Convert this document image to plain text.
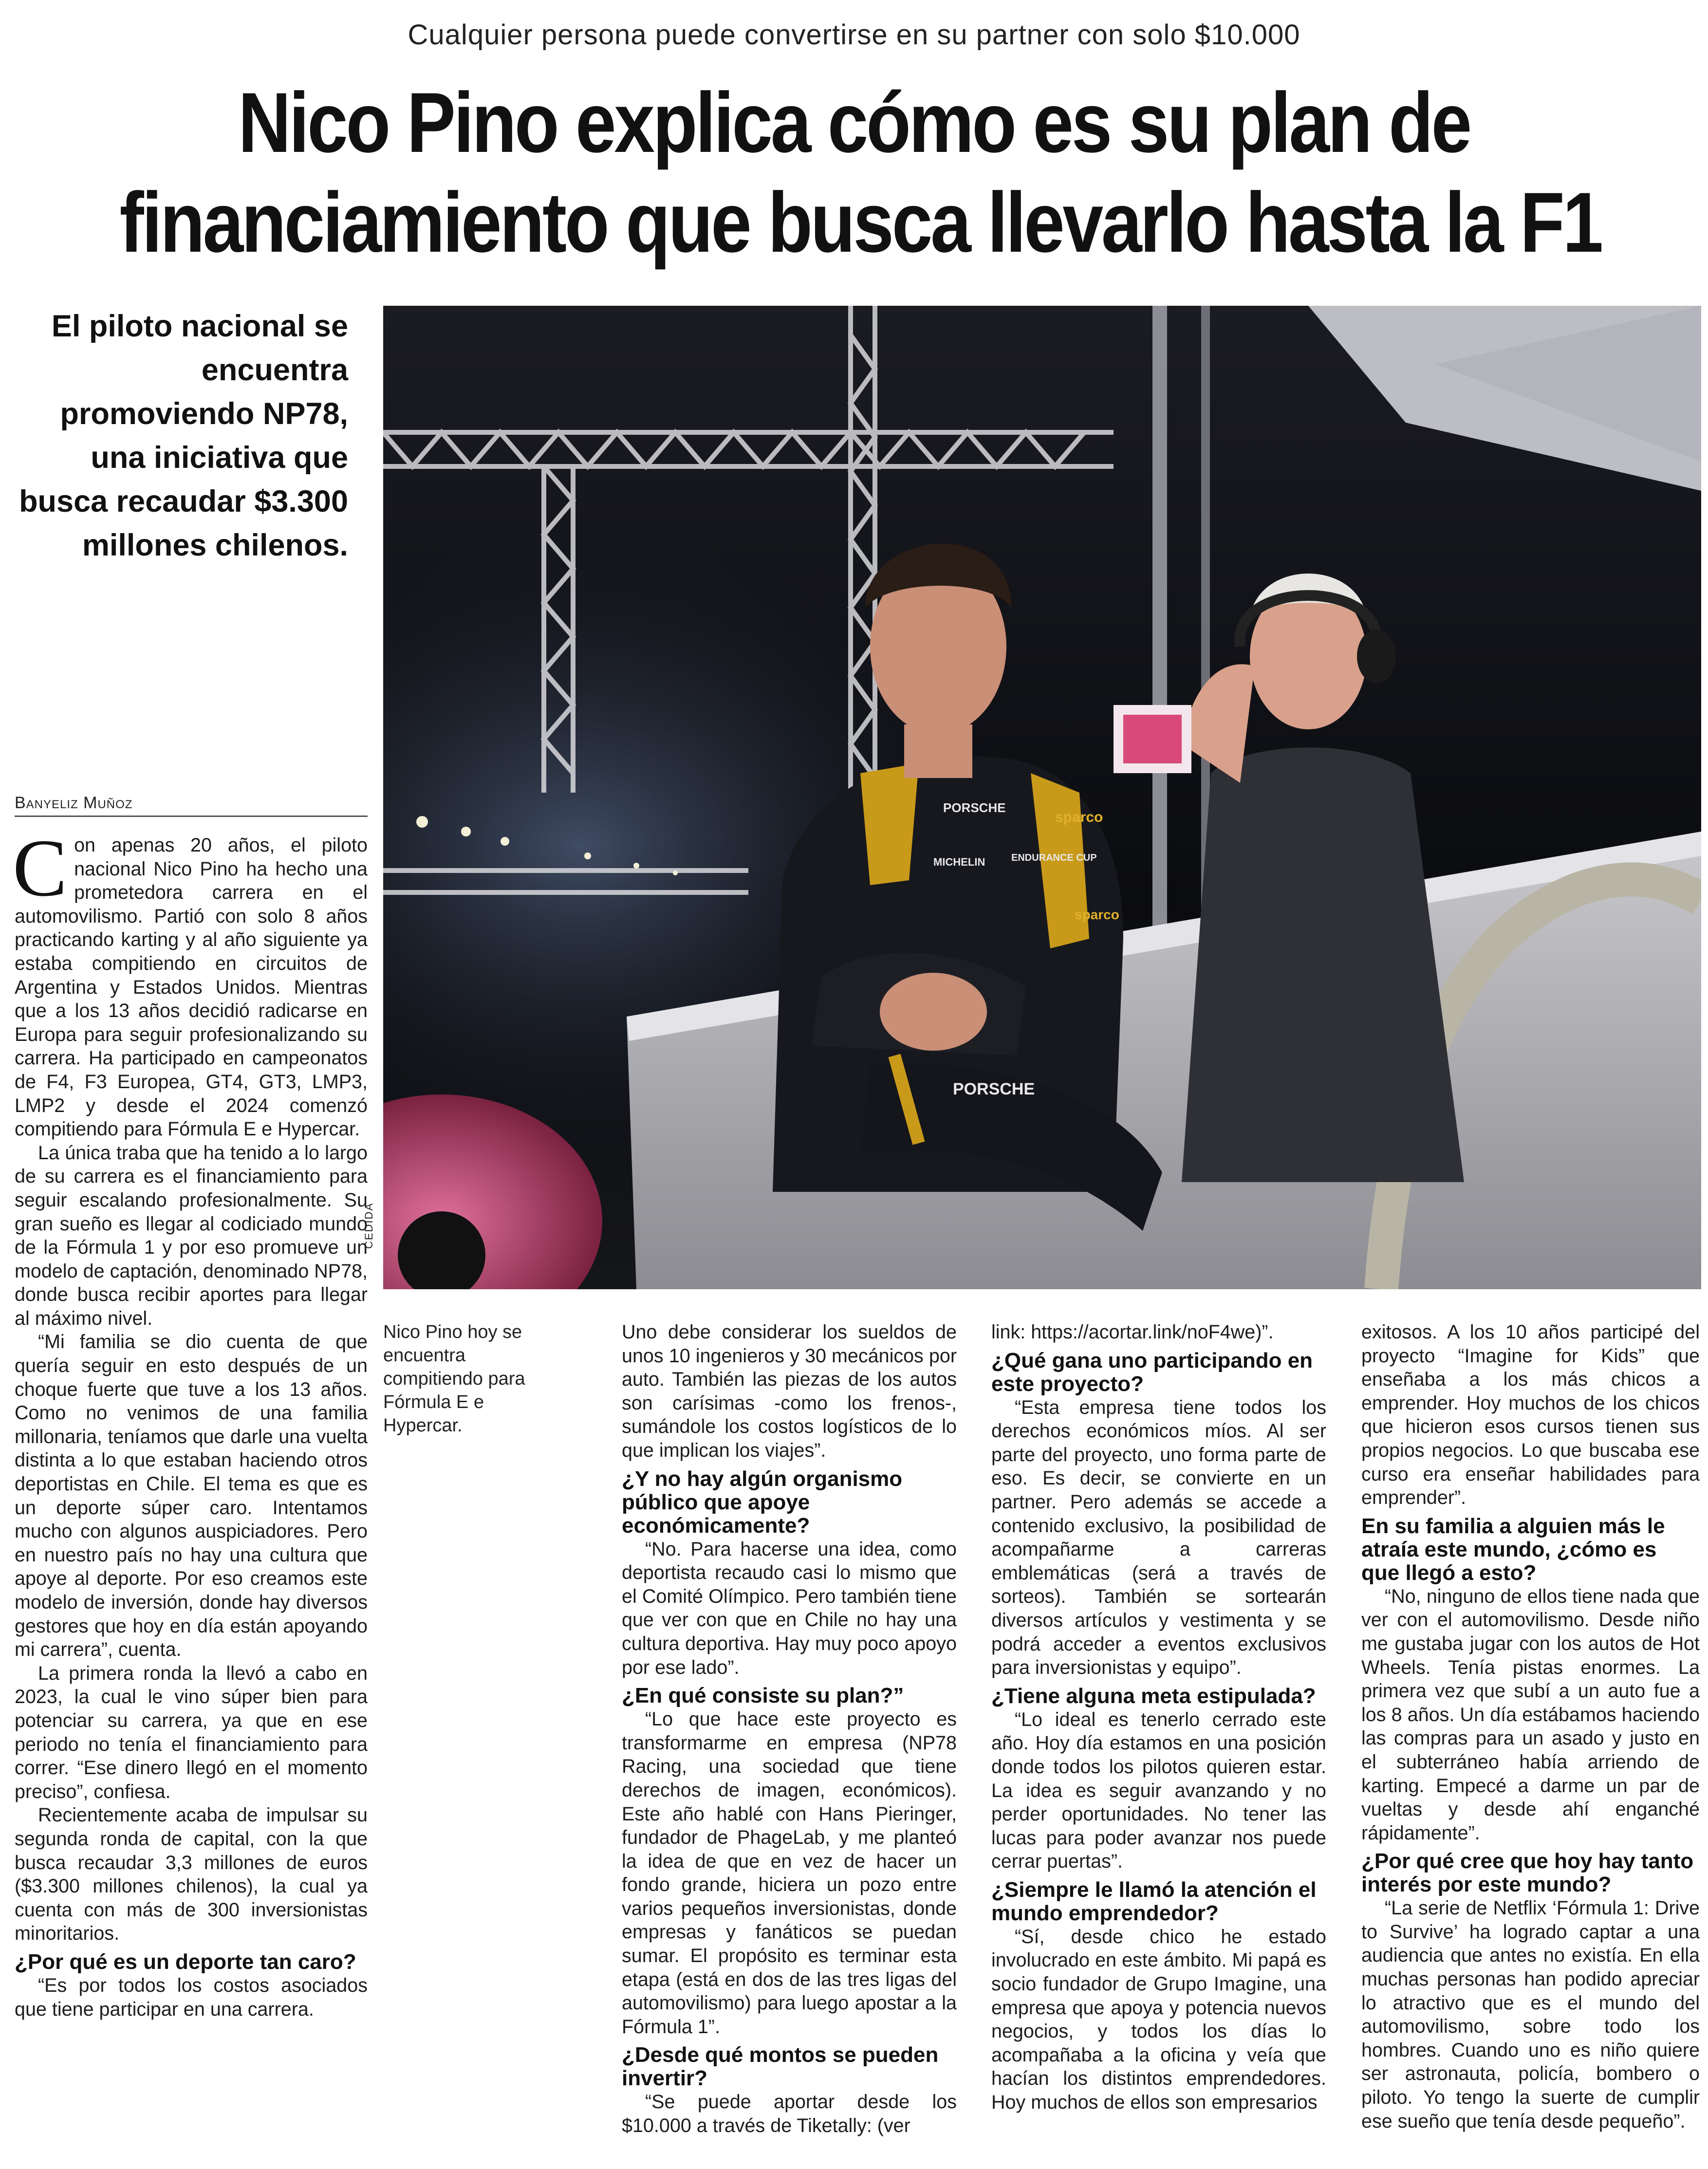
Cualquier persona puede convertirse en su partner con solo $10.000
Nico Pino explica cómo es su plan de
financiamiento que busca llevarlo hasta la F1
El piloto nacional se encuentra promoviendo NP78, una iniciativa que busca recaudar $3.300 millones chilenos.
PORSCHE
sparco
MICHELIN	ENDURANCE CUP
sparco
PORSCHE
CEDIDA
Banyeliz Muñoz

Con apenas 20 años, el piloto nacional Nico Pino ha hecho una prometedora carrera en el automovilismo. Partió con solo 8 años practicando karting y al año siguiente ya estaba compitiendo en circuitos de Argentina y Estados Unidos. Mientras que a los 13 años decidió radicarse en Europa para seguir profesionalizando su carrera. Ha participado en campeonatos de F4, F3 Europea, GT4, GT3, LMP3, LMP2 y desde el 2024 comenzó compitiendo para Fórmula E e Hypercar.

La única traba que ha tenido a lo largo de su carrera es el financiamiento para seguir escalando profesionalmente. Su gran sueño es llegar al codiciado mundo de la Fórmula 1 y por eso promueve un modelo de captación, denominado NP78, donde busca recibir aportes para llegar al máximo nivel.

“Mi familia se dio cuenta de que quería seguir en esto después de un choque fuerte que tuve a los 13 años. Como no venimos de una familia millonaria, teníamos que darle una vuelta distinta a lo que estaban haciendo otros deportistas en Chile. El tema es que es un deporte súper caro. Intentamos mucho con algunos auspiciadores. Pero en nuestro país no hay una cultura que apoye al deporte. Por eso creamos este modelo de inversión, donde hay diversos gestores que hoy en día están apoyando mi carrera”, cuenta.

La primera ronda la llevó a cabo en 2023, la cual le vino súper bien para potenciar su carrera, ya que en ese periodo no tenía el financiamiento para correr. “Ese dinero llegó en el momento preciso”, confiesa.

Recientemente acaba de impulsar su segunda ronda de capital, con la que busca recaudar 3,3 millones de euros ($3.300 millones chilenos), la cual ya cuenta con más de 300 inversionistas minoritarios.

¿Por qué es un deporte tan caro?

“Es por todos los costos asociados que tiene participar en una carrera.

Nico Pino hoy se encuentra compitiendo para Fórmula E e Hypercar.

Uno debe considerar los sueldos de unos 10 ingenieros y 30 mecánicos por auto. También las piezas de los autos son carísimas -como los frenos-, sumándole los costos logísticos de lo que implican los viajes”.

¿Y no hay algún organismo público que apoye económicamente?

“No. Para hacerse una idea, como deportista recaudo casi lo mismo que el Comité Olímpico. Pero también tiene que ver con que en Chile no hay una cultura deportiva. Hay muy poco apoyo por ese lado”.

¿En qué consiste su plan?”

“Lo que hace este proyecto es transformarme en empresa (NP78 Racing, una sociedad que tiene derechos de imagen, económicos). Este año hablé con Hans Pieringer, fundador de PhageLab, y me planteó la idea de que en vez de hacer un fondo grande, hiciera un pozo entre varios pequeños inversionistas, donde empresas y fanáticos se puedan sumar. El propósito es terminar esta etapa (está en dos de las tres ligas del automovilismo) para luego apostar a la Fórmula 1”.

¿Desde qué montos se pueden invertir?

“Se puede aportar desde los $10.000 a través de Tiketally: (ver

link: https://acortar.link/noF4we)”.

¿Qué gana uno participando en este proyecto?

“Esta empresa tiene todos los derechos económicos míos. Al ser parte del proyecto, uno forma parte de eso. Es decir, se convierte en un partner. Pero además se accede a contenido exclusivo, la posibilidad de acompañarme a carreras emblemáticas (será a través de sorteos). También se sortearán diversos artículos y vestimenta y se podrá acceder a eventos exclusivos para inversionistas y equipo”.

¿Tiene alguna meta estipulada?

“Lo ideal es tenerlo cerrado este año. Hoy día estamos en una posición donde todos los pilotos quieren estar. La idea es seguir avanzando y no perder oportunidades. No tener las lucas para poder avanzar nos puede cerrar puertas”.

¿Siempre le llamó la atención el mundo emprendedor?

“Sí, desde chico he estado involucrado en este ámbito. Mi papá es socio fundador de Grupo Imagine, una empresa que apoya y potencia nuevos negocios, y todos los días lo acompañaba a la oficina y veía que hacían los distintos emprendedores. Hoy muchos de ellos son empresarios

exitosos. A los 10 años participé del proyecto “Imagine for Kids” que enseñaba a los más chicos a emprender. Hoy muchos de los chicos que hicieron esos cursos tienen sus propios negocios. Lo que buscaba ese curso era enseñar habilidades para emprender”.

En su familia a alguien más le atraía este mundo, ¿cómo es que llegó a esto?

“No, ninguno de ellos tiene nada que ver con el automovilismo. Desde niño me gustaba jugar con los autos de Hot Wheels. Tenía pistas enormes. La primera vez que subí a un auto fue a los 8 años. Un día estábamos haciendo las compras para un asado y justo en el subterráneo había arriendo de karting. Empecé a darme un par de vueltas y desde ahí enganché rápidamente”.

¿Por qué cree que hoy hay tanto interés por este mundo?

“La serie de Netflix ‘Fórmula 1: Drive to Survive’ ha logrado captar a una audiencia que antes no existía. En ella muchas personas han podido apreciar lo atractivo que es el mundo del automovilismo, sobre todo los hombres. Cuando uno es niño quiere ser astronauta, policía, bombero o piloto. Yo tengo la suerte de cumplir ese sueño que tenía desde pequeño”.
